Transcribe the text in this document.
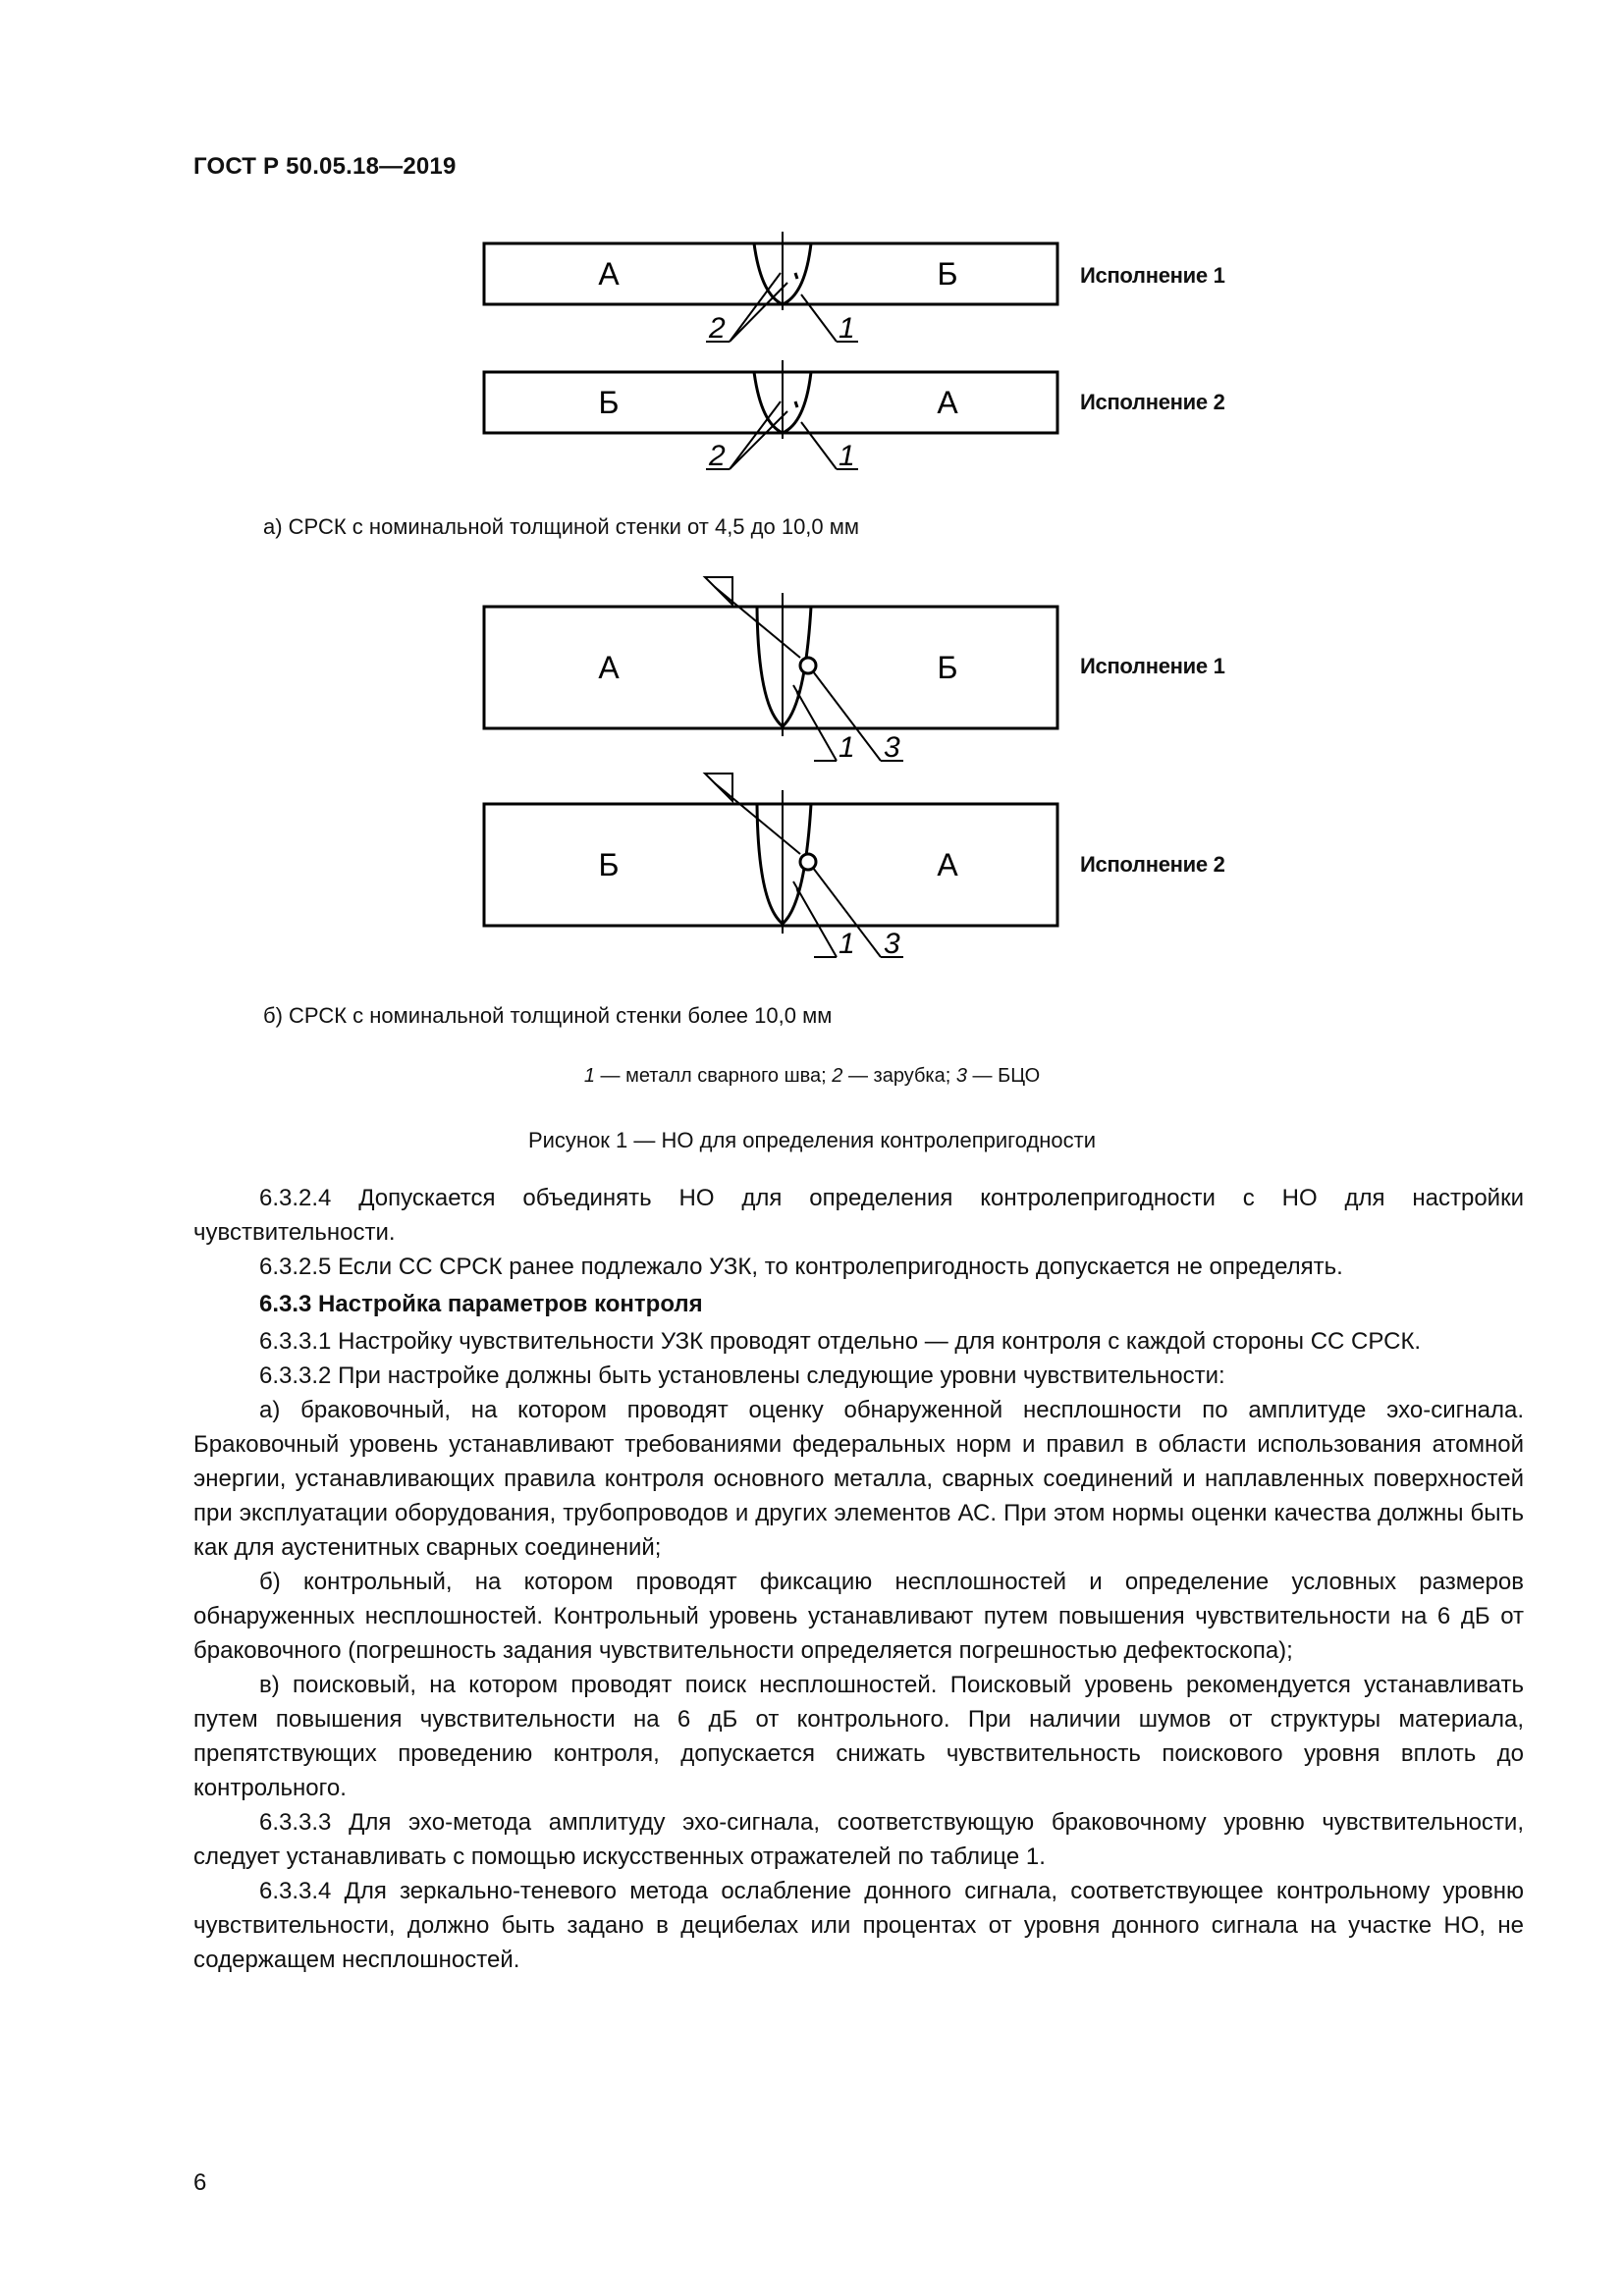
ГОСТ Р 50.05.18—2019
А	Б
Б	А
А	Б
Б	А
2	1
2	1
1 3
1 3
Исполнение 1
Исполнение 2
Исполнение 1
Исполнение 2
а) СРСК с номинальной толщиной стенки от 4,5 до 10,0 мм
б) СРСК с номинальной толщиной стенки более 10,0 мм
1 — металл сварного шва; 2 — зарубка; 3 — БЦО
Рисунок 1 — НО для определения контролепригодности

6.3.2.4 Допускается объединять НО для определения контролепригодности с НО для настройки чувствительности.

6.3.2.5 Если СС СРСК ранее подлежало УЗК, то контролепригодность допускается не определять.

6.3.3 Настройка параметров контроля

6.3.3.1 Настройку чувствительности УЗК проводят отдельно — для контроля с каждой стороны СС СРСК.

6.3.3.2 При настройке должны быть установлены следующие уровни чувствительности:

а) браковочный, на котором проводят оценку обнаруженной несплошности по амплитуде эхо-сигнала. Браковочный уровень устанавливают требованиями федеральных норм и правил в области использования атомной энергии, устанавливающих правила контроля основного металла, сварных соединений и наплавленных поверхностей при эксплуатации оборудования, трубопроводов и других элементов АС. При этом нормы оценки качества должны быть как для аустенитных сварных соединений;

б) контрольный, на котором проводят фиксацию несплошностей и определение условных размеров обнаруженных несплошностей. Контрольный уровень устанавливают путем повышения чувствительности на 6 дБ от браковочного (погрешность задания чувствительности определяется погрешностью дефектоскопа);

в) поисковый, на котором проводят поиск несплошностей. Поисковый уровень рекомендуется устанавливать путем повышения чувствительности на 6 дБ от контрольного. При наличии шумов от структуры материала, препятствующих проведению контроля, допускается снижать чувствительность поискового уровня вплоть до контрольного.

6.3.3.3 Для эхо-метода амплитуду эхо-сигнала, соответствующую браковочному уровню чувствительности, следует устанавливать с помощью искусственных отражателей по таблице 1.

6.3.3.4 Для зеркально-теневого метода ослабление донного сигнала, соответствующее контрольному уровню чувствительности, должно быть задано в децибелах или процентах от уровня донного сигнала на участке НО, не содержащем несплошностей.

6
